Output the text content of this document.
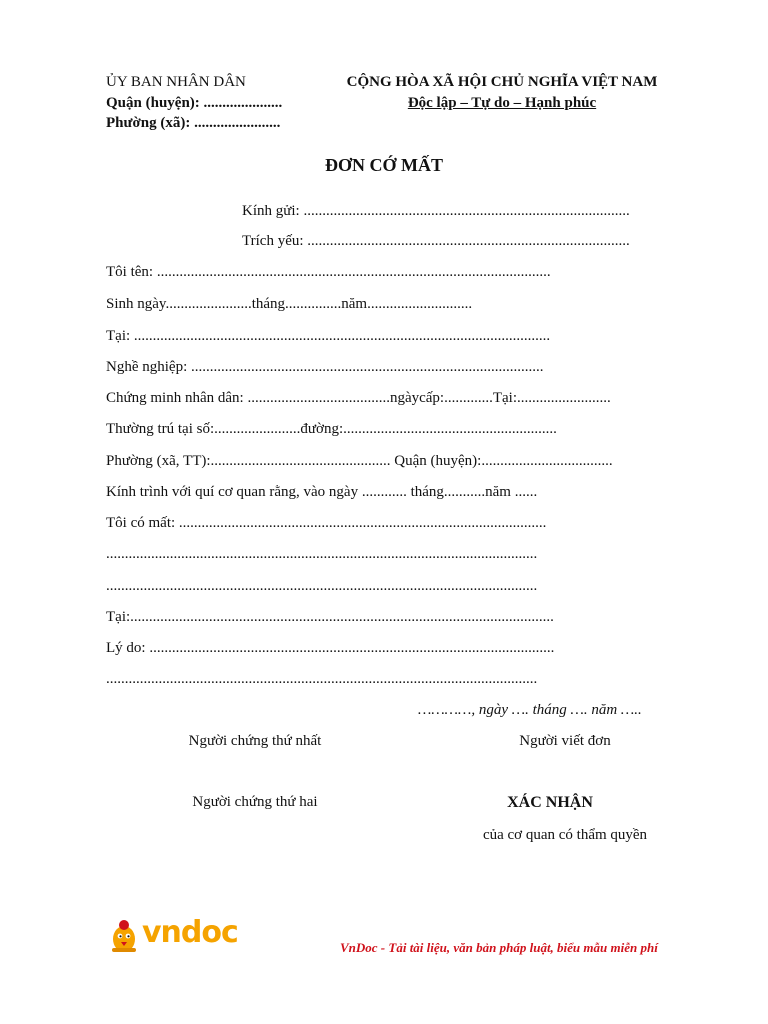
ỦY BAN NHÂN DÂN
Quận (huyện): .....................
Phường (xã): .......................
CỘNG HÒA XÃ HỘI CHỦ NGHĨA VIỆT NAM
Độc lập – Tự do – Hạnh phúc
ĐƠN CỚ MẤT
Kính gửi: .......................................................................................
Trích yếu: ......................................................................................
Tôi tên: .........................................................................................................
Sinh ngày.......................tháng...............năm............................
Tại: ...............................................................................................................
Nghề nghiệp: ..............................................................................................
Chứng minh nhân dân: ......................................ngàycấp:.............Tại:.........................
Thường trú tại số:.......................đường:.........................................................
Phường (xã, TT):................................................ Quận (huyện):...................................
Kính trình với quí cơ quan rằng, vào ngày ............ tháng...........năm ......
Tôi có mất: ..................................................................................................
...................................................................................................................
...................................................................................................................
Tại:.................................................................................................................
Lý do: ............................................................................................................
...................................................................................................................
…………, ngày …. tháng …. năm …..
Người chứng thứ nhất	Người viết đơn
Người chứng thứ hai	XÁC NHẬN
của cơ quan có thẩm quyền
vndoc	VnDoc - Tải tài liệu, văn bản pháp luật, biểu mẫu miễn phí
